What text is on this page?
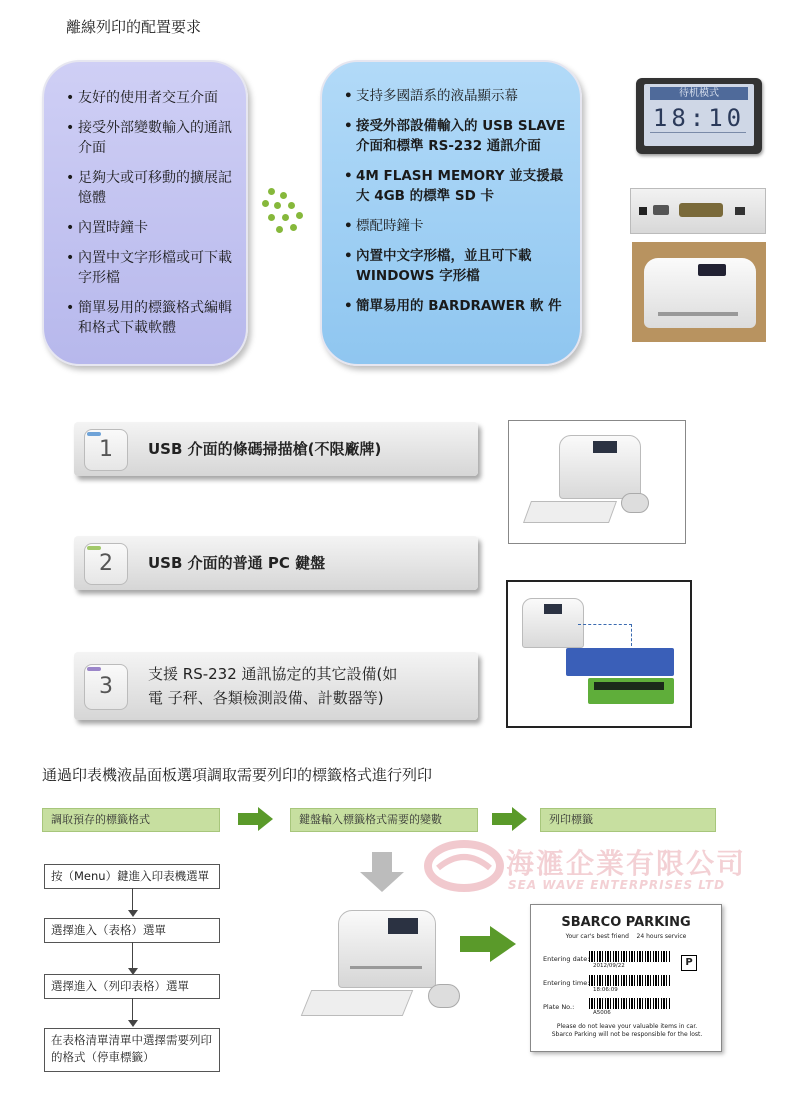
離線列印的配置要求
• 友好的使用者交互介面
• 接受外部變數輸入的通訊介面
• 足夠大或可移動的擴展記憶體
• 內置時鐘卡
• 內置中文字形檔或可下載 字形檔
• 簡單易用的標籤格式編輯和格式下載軟體
• 支持多國語系的液晶顯示幕
• 接受外部設備輸入的 USB SLAVE 介面和標準 RS-232 通訊介面
• 4M FLASH MEMORY 並支援最大 4GB 的標準 SD 卡
• 標配時鐘卡
• 內置中文字形檔，並且可下載 WINDOWS 字形檔
• 簡單易用的 BARDRAWER 軟 件
待机模式
18:10
1	USB 介面的條碼掃描槍(不限廠牌)
2	USB 介面的普通 PC 鍵盤
3	支援 RS-232 通訊協定的其它設備(如
電 子秤、各類檢測設備、計數器等)
通過印表機液晶面板選項調取需要列印的標籤格式進行列印
調取預存的標籤格式	鍵盤輸入標籤格式需要的變數	列印標籤
按（Menu）鍵進入印表機選單
選擇進入（表格）選單
選擇進入（列印表格）選單
在表格清單清單中選擇需要列印的格式（停車標籤）
海滙企業有限公司
SEA WAVE ENTERPRISES LTD
SBARCO PARKING
Your car's best friend 24 hours service
Entering date:
2012/09/22	P
Entering time:
18:06:09
Plate No.:
A5006
Please do not leave your valuable items in car.
Sbarco Parking will not be responsible for the lost.
